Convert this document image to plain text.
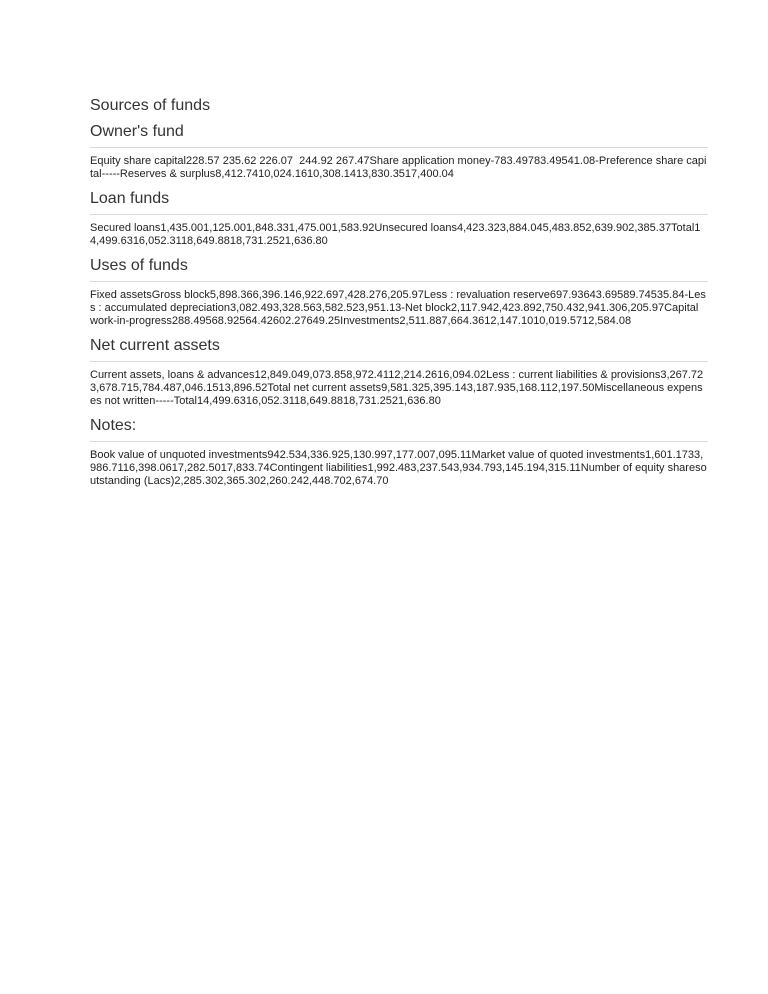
Sources of funds
Owner's fund

Equity share capital228.57 235.62 226.07  244.92 267.47Share application money-783.49783.49541.08-Preference share capital-----Reserves & surplus8,412.7410,024.1610,308.1413,830.3517,400.04

Loan funds

Secured loans1,435.001,125.001,848.331,475.001,583.92Unsecured loans4,423.323,884.045,483.852,639.902,385.37Total14,499.6316,052.3118,649.8818,731.2521,636.80

Uses of funds

Fixed assetsGross block5,898.366,396.146,922.697,428.276,205.97Less : revaluation reserve697.93643.69589.74535.84-Less : accumulated depreciation3,082.493,328.563,582.523,951.13-Net block2,117.942,423.892,750.432,941.306,205.97Capital work-in-progress288.49568.92564.42602.27649.25Investments2,511.887,664.3612,147.1010,019.5712,584.08

Net current assets

Current assets, loans & advances12,849.049,073.858,972.4112,214.2616,094.02Less : current liabilities & provisions3,267.723,678.715,784.487,046.1513,896.52Total net current assets9,581.325,395.143,187.935,168.112,197.50Miscellaneous expenses not written-----Total14,499.6316,052.3118,649.8818,731.2521,636.80

Notes:

Book value of unquoted investments942.534,336.925,130.997,177.007,095.11Market value of quoted investments1,601.1733,986.7116,398.0617,282.5017,833.74Contingent liabilities1,992.483,237.543,934.793,145.194,315.11Number of equity sharesoutstanding (Lacs)2,285.302,365.302,260.242,448.702,674.70
